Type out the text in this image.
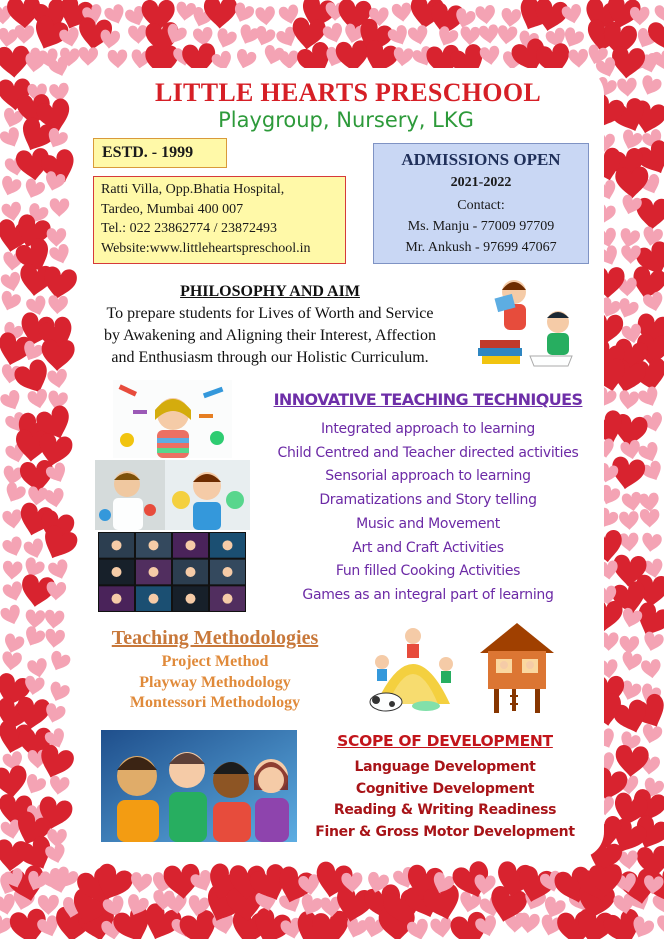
LITTLE HEARTS PRESCHOOL
Playgroup, Nursery, LKG
ESTD. - 1999
Ratti Villa, Opp.Bhatia Hospital,
Tardeo, Mumbai 400 007
Tel.: 022 23862774 / 23872493
Website:www.littleheartspreschool.in
ADMISSIONS OPEN
2021-2022
Contact:
Ms. Manju - 77009 97709
Mr. Ankush - 97699 47067
PHILOSOPHY AND AIM
To prepare students for Lives of Worth and Service
by Awakening and Aligning their Interest, Affection
and Enthusiasm through our Holistic Curriculum.
INNOVATIVE TEACHING TECHNIQUES
Integrated approach to learning
Child Centred and Teacher directed activities
Sensorial approach to learning
Dramatizations and Story telling
Music and Movement
Art and Craft Activities
Fun filled Cooking Activities
Games as an integral part of learning
Teaching Methodologies
Project Method
Playway Methodology
Montessori Methodology
SCOPE OF DEVELOPMENT
Language Development
Cognitive Development
Reading & Writing Readiness
Finer & Gross Motor Development
